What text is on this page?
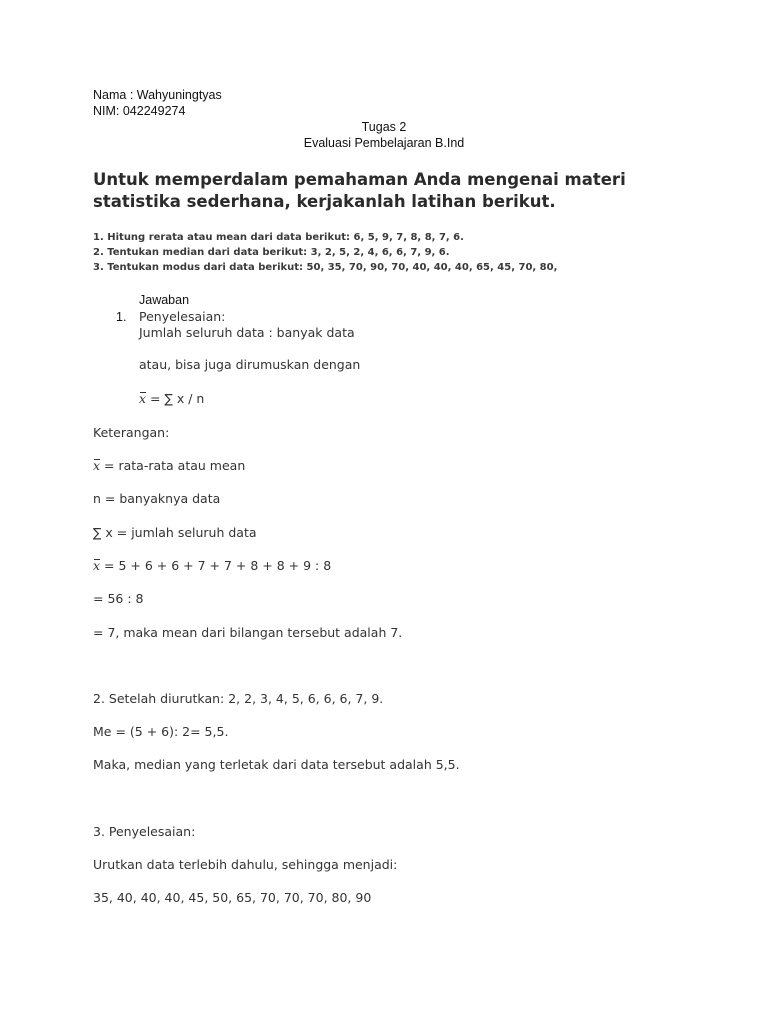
Nama : Wahyuningtyas
NIM: 042249274
Tugas 2
Evaluasi Pembelajaran B.Ind
Untuk memperdalam pemahaman Anda mengenai materi statistika sederhana, kerjakanlah latihan berikut.
1. Hitung rerata atau mean dari data berikut: 6, 5, 9, 7, 8, 8, 7, 6.
2. Tentukan median dari data berikut: 3, 2, 5, 2, 4, 6, 6, 7, 9, 6.
3. Tentukan modus dari data berikut: 50, 35, 70, 90, 70, 40, 40, 40, 65, 45, 70, 80,
Jawaban
1. Penyelesaian:
Jumlah seluruh data : banyak data
atau, bisa juga dirumuskan dengan
x = ∑ x / n
Keterangan:
x = rata-rata atau mean
n = banyaknya data
∑ x = jumlah seluruh data
x = 5 + 6 + 6 + 7 + 7 + 8 + 8 + 9 : 8
= 56 : 8
= 7, maka mean dari bilangan tersebut adalah 7.
2. Setelah diurutkan: 2, 2, 3, 4, 5, 6, 6, 6, 7, 9.
Me = (5 + 6): 2= 5,5.
Maka, median yang terletak dari data tersebut adalah 5,5.
3. Penyelesaian:
Urutkan data terlebih dahulu, sehingga menjadi:
35, 40, 40, 40, 45, 50, 65, 70, 70, 70, 80, 90
